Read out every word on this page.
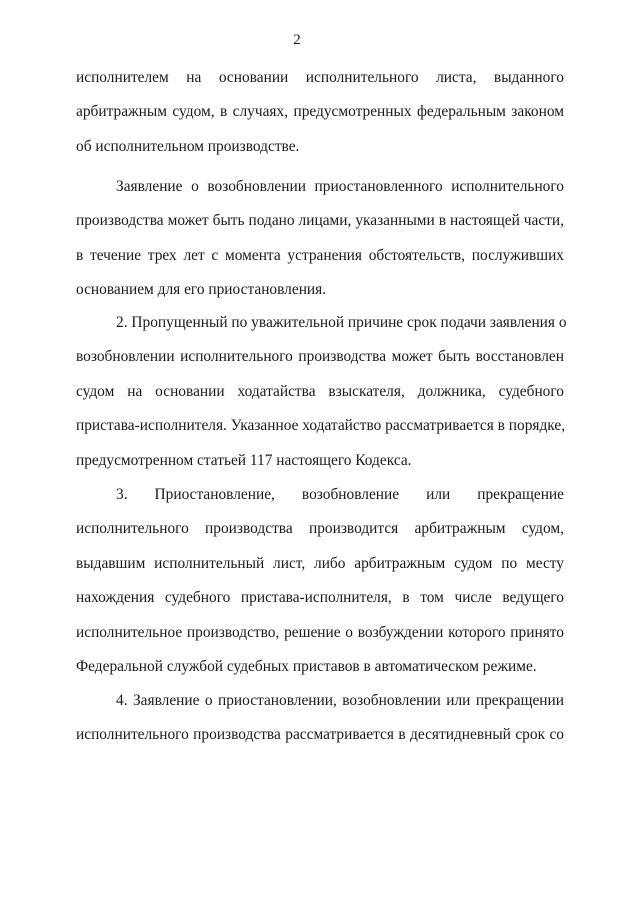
2
исполнителем на основании исполнительного листа, выданного
арбитражным судом, в случаях, предусмотренных федеральным законом
об исполнительном производстве.
Заявление о возобновлении приостановленного исполнительного
производства может быть подано лицами, указанными в настоящей части,
в течение трех лет с момента устранения обстоятельств, послуживших
основанием для его приостановления.
2. Пропущенный по уважительной причине срок подачи заявления о
возобновлении исполнительного производства может быть восстановлен
судом на основании ходатайства взыскателя, должника, судебного
пристава-исполнителя. Указанное ходатайство рассматривается в порядке,
предусмотренном статьей 117 настоящего Кодекса.
3. Приостановление, возобновление или прекращение
исполнительного производства производится арбитражным судом,
выдавшим исполнительный лист, либо арбитражным судом по месту
нахождения судебного пристава-исполнителя, в том числе ведущего
исполнительное производство, решение о возбуждении которого принято
Федеральной службой судебных приставов в автоматическом режиме.
4. Заявление о приостановлении, возобновлении или прекращении
исполнительного производства рассматривается в десятидневный срок со
